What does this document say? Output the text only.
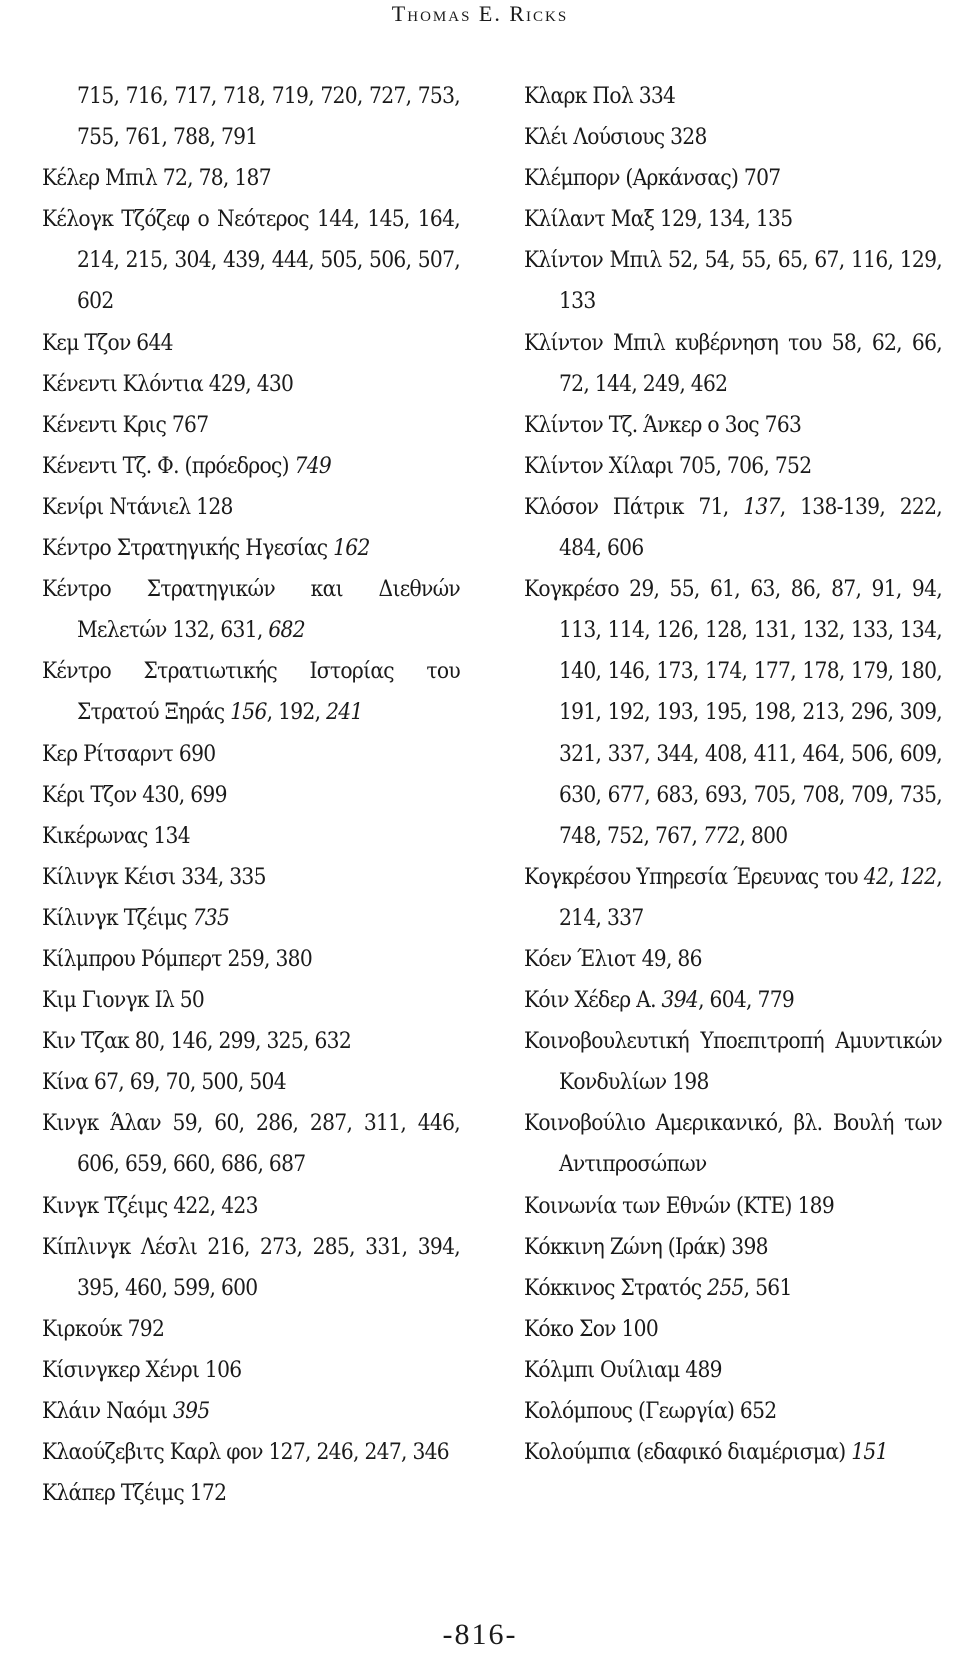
Thomas E. Ricks
715, 716, 717, 718, 719, 720, 727, 753, 755, 761, 788, 791
Κέλερ Μπιλ 72, 78, 187
Κέλογκ Τζόζεφ ο Νεότερος 144, 145, 164, 214, 215, 304, 439, 444, 505, 506, 507, 602
Κεμ Τζον 644
Κένεντι Κλόντια 429, 430
Κένεντι Κρις 767
Κένεντι Τζ. Φ. (πρόεδρος) 749
Κενίρι Ντάνιελ 128
Κέντρο Στρατηγικής Ηγεσίας 162
Κέντρο Στρατηγικών και Διεθνών Μελετών 132, 631, 682
Κέντρο Στρατιωτικής Ιστορίας του Στρατού Ξηράς 156, 192, 241
Κερ Ρίτσαρντ 690
Κέρι Τζον 430, 699
Κικέρωνας 134
Κίλινγκ Κέισι 334, 335
Κίλινγκ Τζέιμς 735
Κίλμπρου Ρόμπερτ 259, 380
Κιμ Γιονγκ Ιλ 50
Κιν Τζακ 80, 146, 299, 325, 632
Κίνα 67, 69, 70, 500, 504
Κινγκ Άλαν 59, 60, 286, 287, 311, 446, 606, 659, 660, 686, 687
Κινγκ Τζέιμς 422, 423
Κίπλινγκ Λέσλι 216, 273, 285, 331, 394, 395, 460, 599, 600
Κιρκούκ 792
Κίσινγκερ Χένρι 106
Κλάιν Ναόμι 395
Κλαούζεβιτς Καρλ φον 127, 246, 247, 346
Κλάπερ Τζέιμς 172
Κλαρκ Πολ 334
Κλέι Λούσιους 328
Κλέμπορν (Αρκάνσας) 707
Κλίλαντ Μαξ 129, 134, 135
Κλίντον Μπιλ 52, 54, 55, 65, 67, 116, 129, 133
Κλίντον Μπιλ κυβέρνηση του 58, 62, 66, 72, 144, 249, 462
Κλίντον Τζ. Άνκερ ο 3ος 763
Κλίντον Χίλαρι 705, 706, 752
Κλόσον Πάτρικ 71, 137, 138-139, 222, 484, 606
Κογκρέσο 29, 55, 61, 63, 86, 87, 91, 94, 113, 114, 126, 128, 131, 132, 133, 134, 140, 146, 173, 174, 177, 178, 179, 180, 191, 192, 193, 195, 198, 213, 296, 309, 321, 337, 344, 408, 411, 464, 506, 609, 630, 677, 683, 693, 705, 708, 709, 735, 748, 752, 767, 772, 800
Κογκρέσου Υπηρεσία Έρευνας του 42, 122, 214, 337
Κόεν Έλιοτ 49, 86
Κόιν Χέδερ Α. 394, 604, 779
Κοινοβουλευτική Υποεπιτροπή Αμυντικών Κονδυλίων 198
Κοινοβούλιο Αμερικανικό, βλ. Βουλή των Αντιπροσώπων
Κοινωνία των Εθνών (ΚΤΕ) 189
Κόκκινη Ζώνη (Ιράκ) 398
Κόκκινος Στρατός 255, 561
Κόκο Σον 100
Κόλμπι Ουίλιαμ 489
Κολόμπους (Γεωργία) 652
Κολούμπια (εδαφικό διαμέρισμα) 151
-816-
